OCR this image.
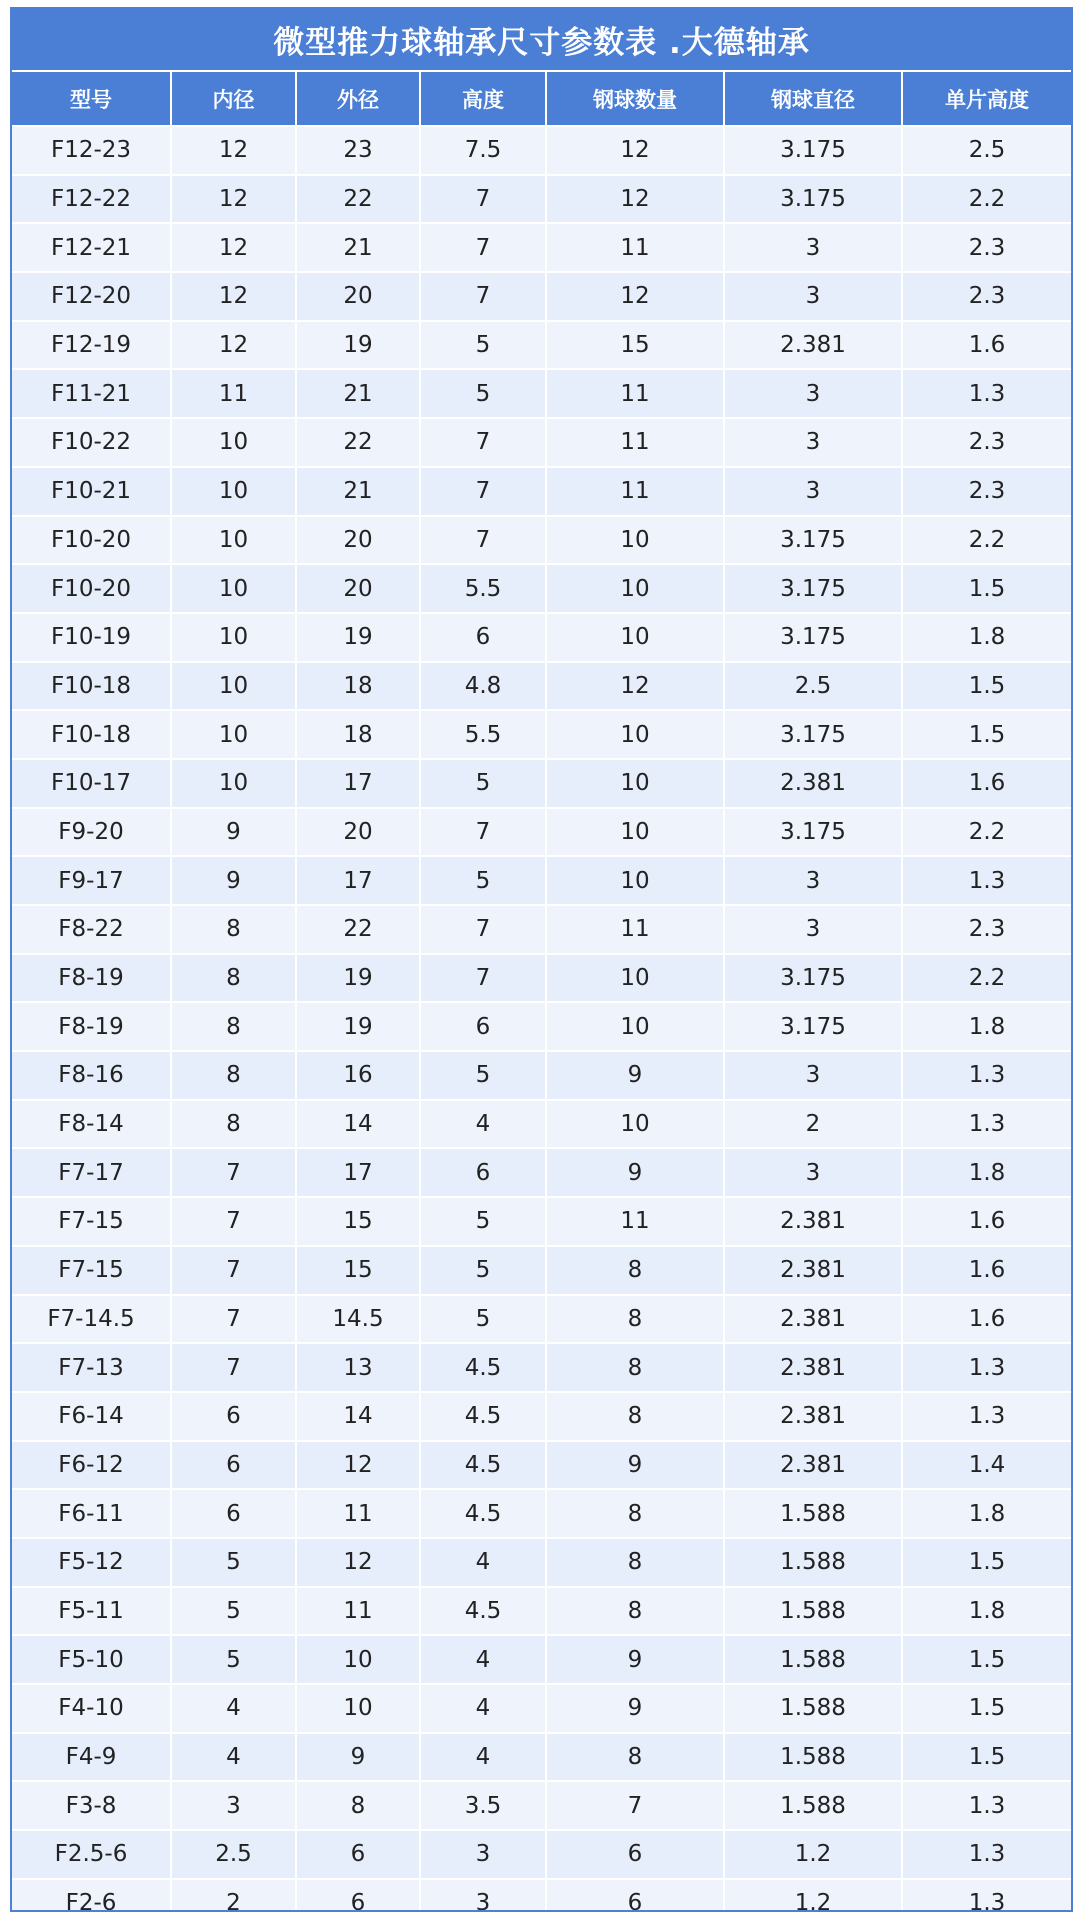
微型推力球轴承尺寸参数表 .大德轴承
型号	内径	外径	高度	钢球数量	钢球直径	单片高度
F12-23	12	23	7.5	12	3.175	2.5
F12-22	12	22	7	12	3.175	2.2
F12-21	12	21	7	11	3	2.3
F12-20	12	20	7	12	3	2.3
F12-19	12	19	5	15	2.381	1.6
F11-21	11	21	5	11	3	1.3
F10-22	10	22	7	11	3	2.3
F10-21	10	21	7	11	3	2.3
F10-20	10	20	7	10	3.175	2.2
F10-20	10	20	5.5	10	3.175	1.5
F10-19	10	19	6	10	3.175	1.8
F10-18	10	18	4.8	12	2.5	1.5
F10-18	10	18	5.5	10	3.175	1.5
F10-17	10	17	5	10	2.381	1.6
F9-20	9	20	7	10	3.175	2.2
F9-17	9	17	5	10	3	1.3
F8-22	8	22	7	11	3	2.3
F8-19	8	19	7	10	3.175	2.2
F8-19	8	19	6	10	3.175	1.8
F8-16	8	16	5	9	3	1.3
F8-14	8	14	4	10	2	1.3
F7-17	7	17	6	9	3	1.8
F7-15	7	15	5	11	2.381	1.6
F7-15	7	15	5	8	2.381	1.6
F7-14.5	7	14.5	5	8	2.381	1.6
F7-13	7	13	4.5	8	2.381	1.3
F6-14	6	14	4.5	8	2.381	1.3
F6-12	6	12	4.5	9	2.381	1.4
F6-11	6	11	4.5	8	1.588	1.8
F5-12	5	12	4	8	1.588	1.5
F5-11	5	11	4.5	8	1.588	1.8
F5-10	5	10	4	9	1.588	1.5
F4-10	4	10	4	9	1.588	1.5
F4-9	4	9	4	8	1.588	1.5
F3-8	3	8	3.5	7	1.588	1.3
F2.5-6	2.5	6	3	6	1.2	1.3
F2-6	2	6	3	6	1.2	1.3
